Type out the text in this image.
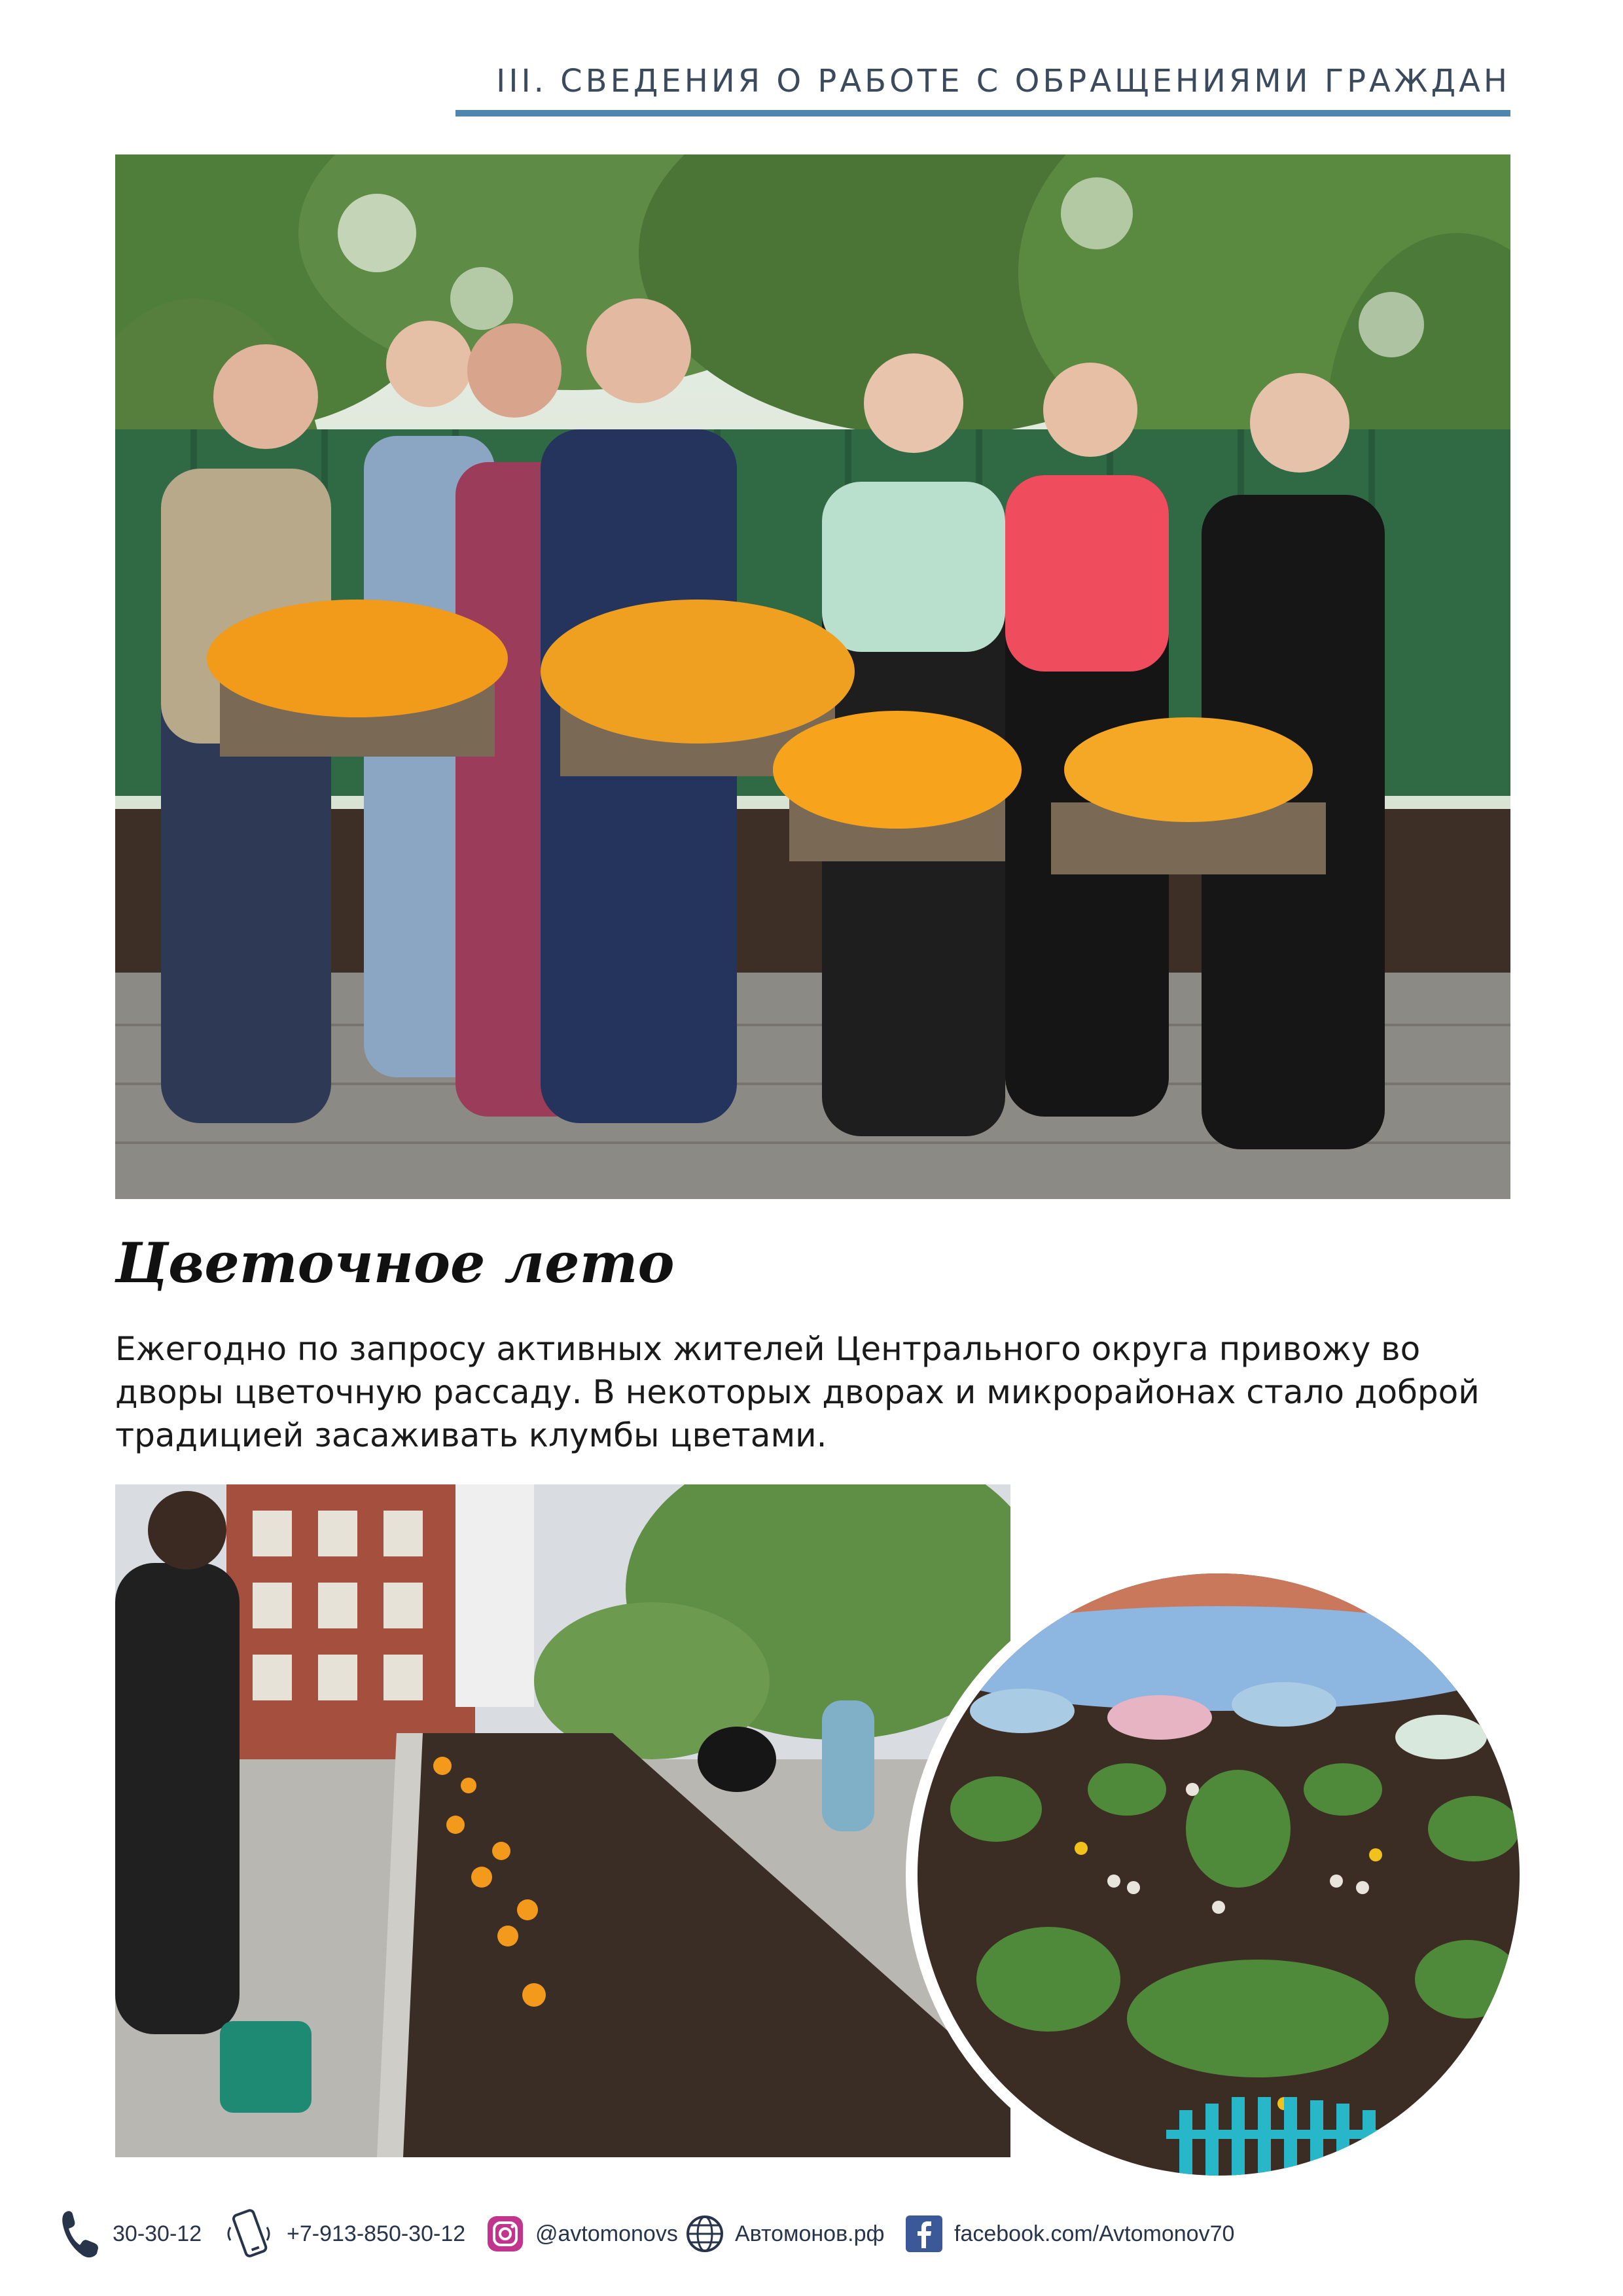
III. СВЕДЕНИЯ О РАБОТЕ С ОБРАЩЕНИЯМИ ГРАЖДАН
Цветочное лето
Ежегодно по запросу активных жителей Центрального округа привожу во дворы цветочную рассаду. В некоторых дворах и микрорайонах стало доброй традицией засаживать клумбы цветами.
30-30-12	+7-913-850-30-12	@avtomonovs	Автомонов.рф	facebook.com/Avtomonov70
